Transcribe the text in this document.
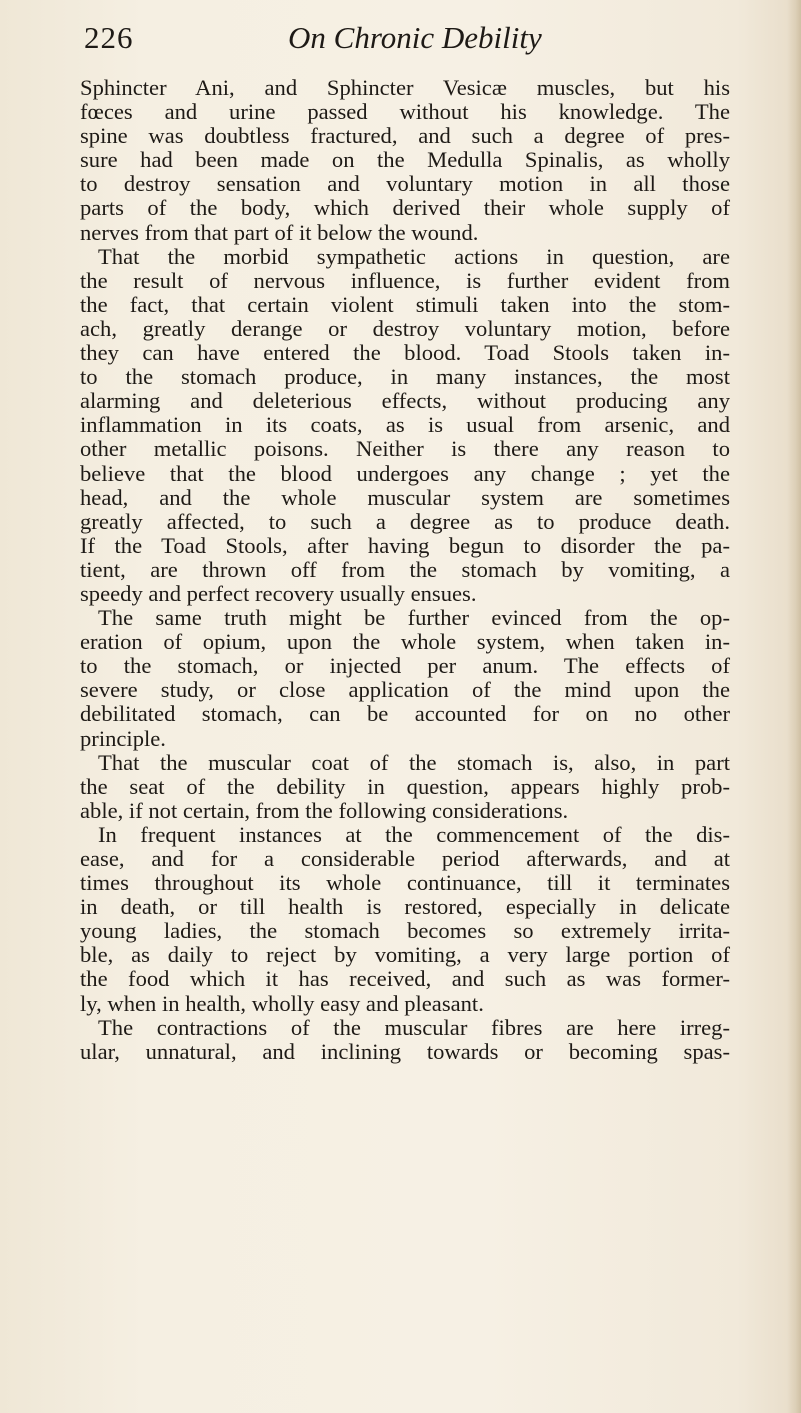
226	On Chronic Debility
Sphincter Ani, and Sphincter Vesicæ muscles, but his
fœces and urine passed without his knowledge. The
spine was doubtless fractured, and such a degree of pres-
sure had been made on the Medulla Spinalis, as wholly
to destroy sensation and voluntary motion in all those
parts of the body, which derived their whole supply of
nerves from that part of it below the wound.
That the morbid sympathetic actions in question, are
the result of nervous influence, is further evident from
the fact, that certain violent stimuli taken into the stom-
ach, greatly derange or destroy voluntary motion, before
they can have entered the blood. Toad Stools taken in-
to the stomach produce, in many instances, the most
alarming and deleterious effects, without producing any
inflammation in its coats, as is usual from arsenic, and
other metallic poisons. Neither is there any reason to
believe that the blood undergoes any change ; yet the
head, and the whole muscular system are sometimes
greatly affected, to such a degree as to produce death.
If the Toad Stools, after having begun to disorder the pa-
tient, are thrown off from the stomach by vomiting, a
speedy and perfect recovery usually ensues.
The same truth might be further evinced from the op-
eration of opium, upon the whole system, when taken in-
to the stomach, or injected per anum. The effects of
severe study, or close application of the mind upon the
debilitated stomach, can be accounted for on no other
principle.
That the muscular coat of the stomach is, also, in part
the seat of the debility in question, appears highly prob-
able, if not certain, from the following considerations.
In frequent instances at the commencement of the dis-
ease, and for a considerable period afterwards, and at
times throughout its whole continuance, till it terminates
in death, or till health is restored, especially in delicate
young ladies, the stomach becomes so extremely irrita-
ble, as daily to reject by vomiting, a very large portion of
the food which it has received, and such as was former-
ly, when in health, wholly easy and pleasant.
The contractions of the muscular fibres are here irreg-
ular, unnatural, and inclining towards or becoming spas-
